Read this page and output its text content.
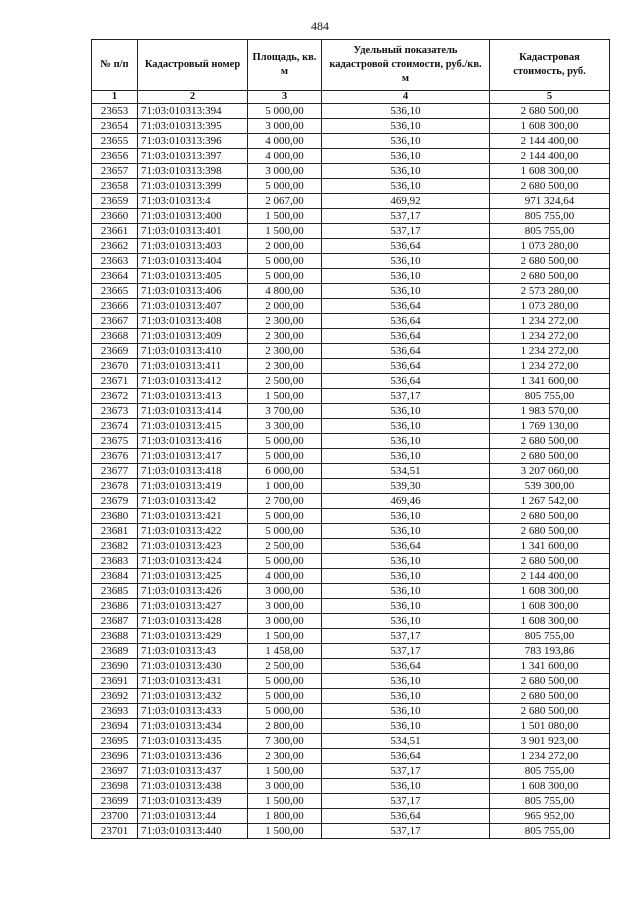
484
№ п/п	Кадастровый номер	Площадь, кв. м	Удельный показатель кадастровой стоимости, руб./кв. м	Кадастровая стоимость, руб.
1	2	3	4	5
23653	71:03:010313:394	5 000,00	536,10	2 680 500,00
23654	71:03:010313:395	3 000,00	536,10	1 608 300,00
23655	71:03:010313:396	4 000,00	536,10	2 144 400,00
23656	71:03:010313:397	4 000,00	536,10	2 144 400,00
23657	71:03:010313:398	3 000,00	536,10	1 608 300,00
23658	71:03:010313:399	5 000,00	536,10	2 680 500,00
23659	71:03:010313:4	2 067,00	469,92	971 324,64
23660	71:03:010313:400	1 500,00	537,17	805 755,00
23661	71:03:010313:401	1 500,00	537,17	805 755,00
23662	71:03:010313:403	2 000,00	536,64	1 073 280,00
23663	71:03:010313:404	5 000,00	536,10	2 680 500,00
23664	71:03:010313:405	5 000,00	536,10	2 680 500,00
23665	71:03:010313:406	4 800,00	536,10	2 573 280,00
23666	71:03:010313:407	2 000,00	536,64	1 073 280,00
23667	71:03:010313:408	2 300,00	536,64	1 234 272,00
23668	71:03:010313:409	2 300,00	536,64	1 234 272,00
23669	71:03:010313:410	2 300,00	536,64	1 234 272,00
23670	71:03:010313:411	2 300,00	536,64	1 234 272,00
23671	71:03:010313:412	2 500,00	536,64	1 341 600,00
23672	71:03:010313:413	1 500,00	537,17	805 755,00
23673	71:03:010313:414	3 700,00	536,10	1 983 570,00
23674	71:03:010313:415	3 300,00	536,10	1 769 130,00
23675	71:03:010313:416	5 000,00	536,10	2 680 500,00
23676	71:03:010313:417	5 000,00	536,10	2 680 500,00
23677	71:03:010313:418	6 000,00	534,51	3 207 060,00
23678	71:03:010313:419	1 000,00	539,30	539 300,00
23679	71:03:010313:42	2 700,00	469,46	1 267 542,00
23680	71:03:010313:421	5 000,00	536,10	2 680 500,00
23681	71:03:010313:422	5 000,00	536,10	2 680 500,00
23682	71:03:010313:423	2 500,00	536,64	1 341 600,00
23683	71:03:010313:424	5 000,00	536,10	2 680 500,00
23684	71:03:010313:425	4 000,00	536,10	2 144 400,00
23685	71:03:010313:426	3 000,00	536,10	1 608 300,00
23686	71:03:010313:427	3 000,00	536,10	1 608 300,00
23687	71:03:010313:428	3 000,00	536,10	1 608 300,00
23688	71:03:010313:429	1 500,00	537,17	805 755,00
23689	71:03:010313:43	1 458,00	537,17	783 193,86
23690	71:03:010313:430	2 500,00	536,64	1 341 600,00
23691	71:03:010313:431	5 000,00	536,10	2 680 500,00
23692	71:03:010313:432	5 000,00	536,10	2 680 500,00
23693	71:03:010313:433	5 000,00	536,10	2 680 500,00
23694	71:03:010313:434	2 800,00	536,10	1 501 080,00
23695	71:03:010313:435	7 300,00	534,51	3 901 923,00
23696	71:03:010313:436	2 300,00	536,64	1 234 272,00
23697	71:03:010313:437	1 500,00	537,17	805 755,00
23698	71:03:010313:438	3 000,00	536,10	1 608 300,00
23699	71:03:010313:439	1 500,00	537,17	805 755,00
23700	71:03:010313:44	1 800,00	536,64	965 952,00
23701	71:03:010313:440	1 500,00	537,17	805 755,00
